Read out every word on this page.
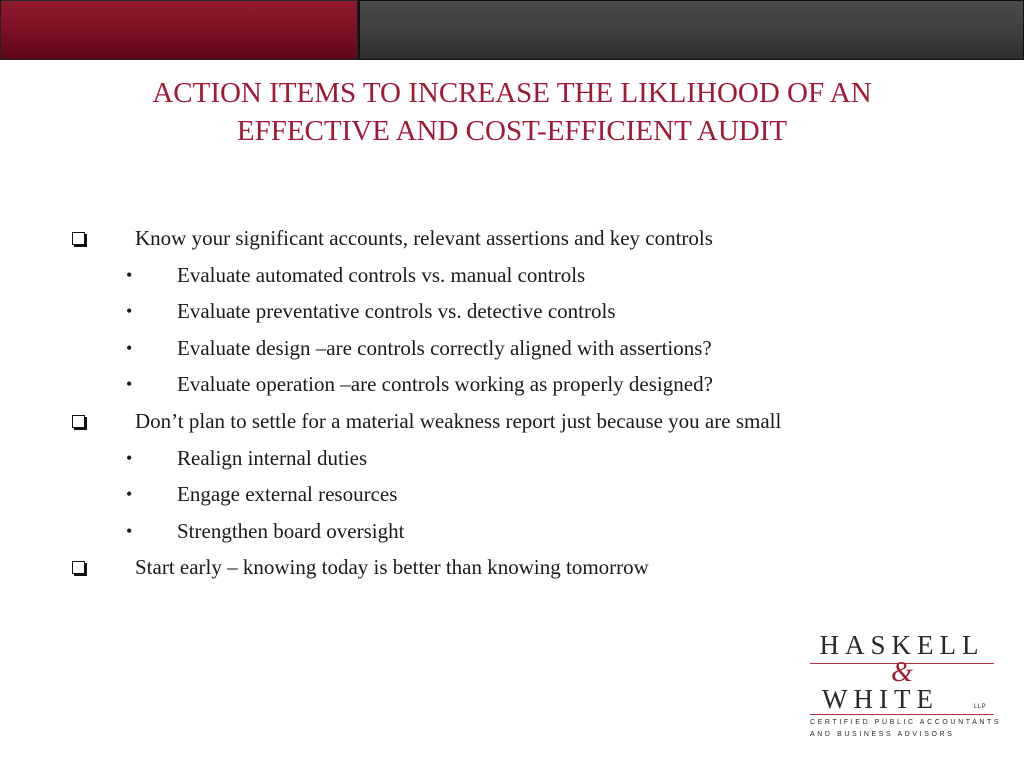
ACTION ITEMS TO INCREASE THE LIKLIHOOD OF AN
EFFECTIVE AND COST-EFFICIENT AUDIT
Know your significant accounts, relevant assertions and key controls
• Evaluate automated controls vs. manual controls
• Evaluate preventative controls vs. detective controls
• Evaluate design –are controls correctly aligned with assertions?
• Evaluate operation –are controls working as properly designed?
Don’t plan to settle for a material weakness report just because you are small
• Realign internal duties
• Engage external resources
• Strengthen board oversight
Start early – knowing today is better than knowing tomorrow
HASKELL
&
WHITE	LLP
CERTIFIED PUBLIC ACCOUNTANTS
AND BUSINESS ADVISORS
